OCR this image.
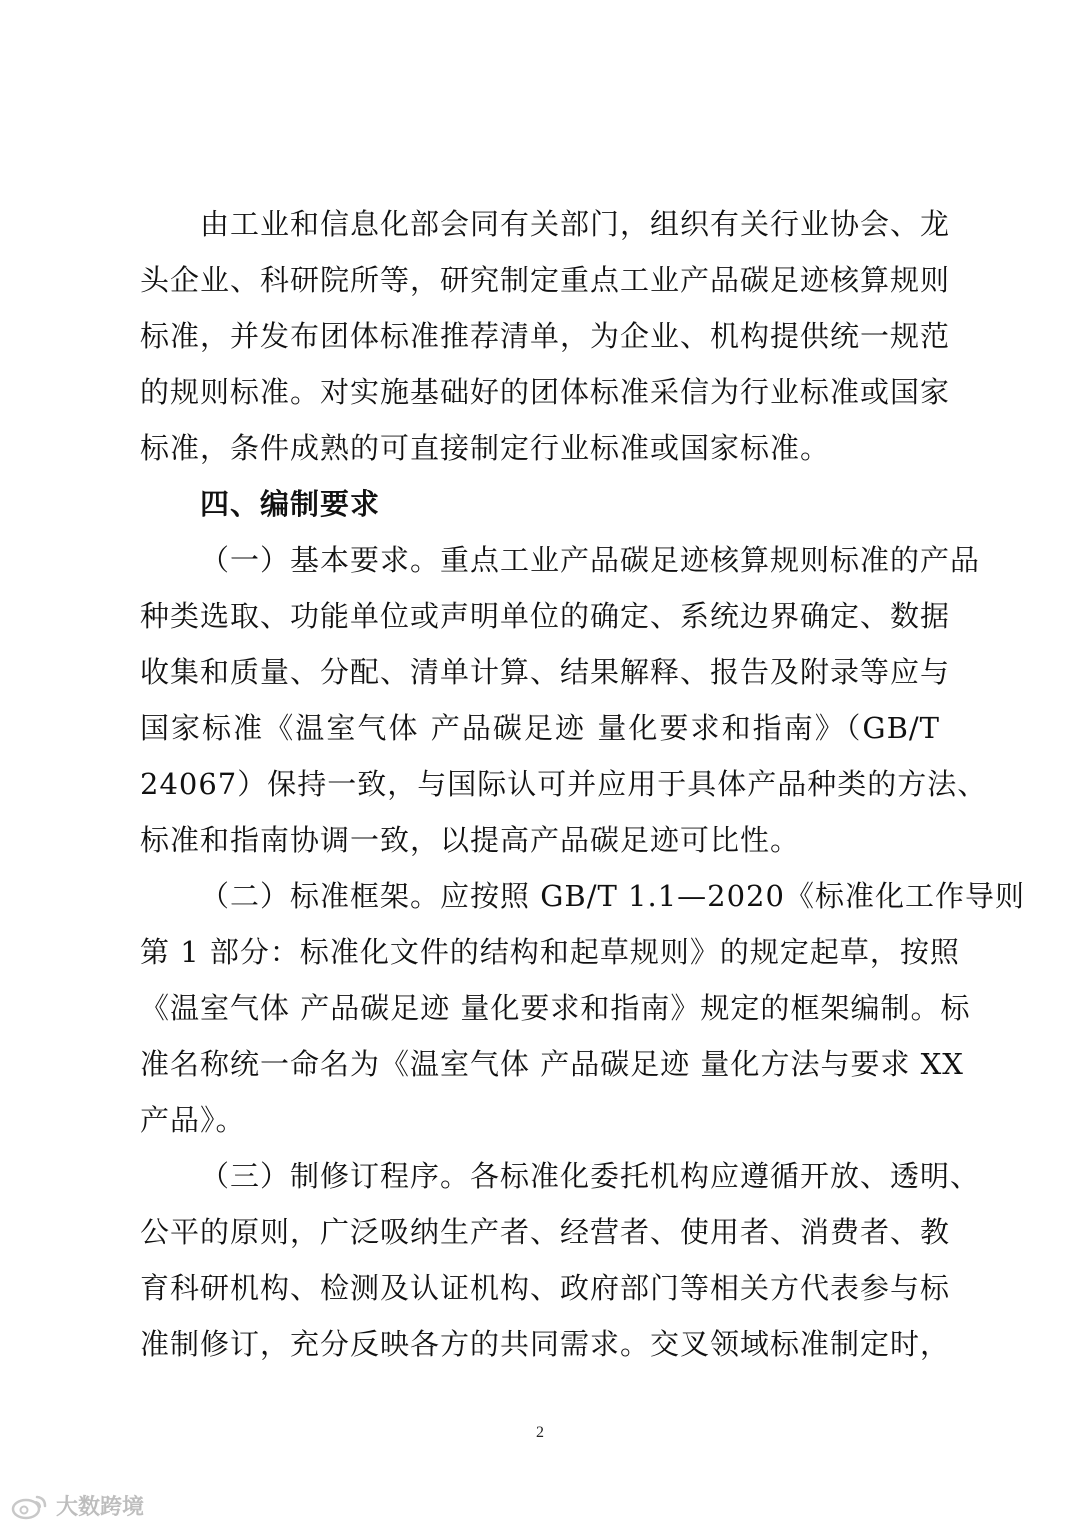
由工业和信息化部会同有关部门，组织有关行业协会、龙
头企业、科研院所等，研究制定重点工业产品碳足迹核算规则
标准，并发布团体标准推荐清单，为企业、机构提供统一规范
的规则标准。对实施基础好的团体标准采信为行业标准或国家
标准，条件成熟的可直接制定行业标准或国家标准。
四、编制要求
（一）基本要求。重点工业产品碳足迹核算规则标准的产品
种类选取、功能单位或声明单位的确定、系统边界确定、数据
收集和质量、分配、清单计算、结果解释、报告及附录等应与
国家标准《温室气体 产品碳足迹 量化要求和指南》（GB/T
24067）保持一致，与国际认可并应用于具体产品种类的方法、
标准和指南协调一致，以提高产品碳足迹可比性。
（二）标准框架。应按照 GB/T 1.1—2020《标准化工作导则
第 1 部分：标准化文件的结构和起草规则》的规定起草，按照
《温室气体 产品碳足迹 量化要求和指南》规定的框架编制。标
准名称统一命名为《温室气体 产品碳足迹 量化方法与要求 XX
产品》。
（三）制修订程序。各标准化委托机构应遵循开放、透明、
公平的原则，广泛吸纳生产者、经营者、使用者、消费者、教
育科研机构、检测及认证机构、政府部门等相关方代表参与标
准制修订，充分反映各方的共同需求。交叉领域标准制定时，
2
大数跨境
